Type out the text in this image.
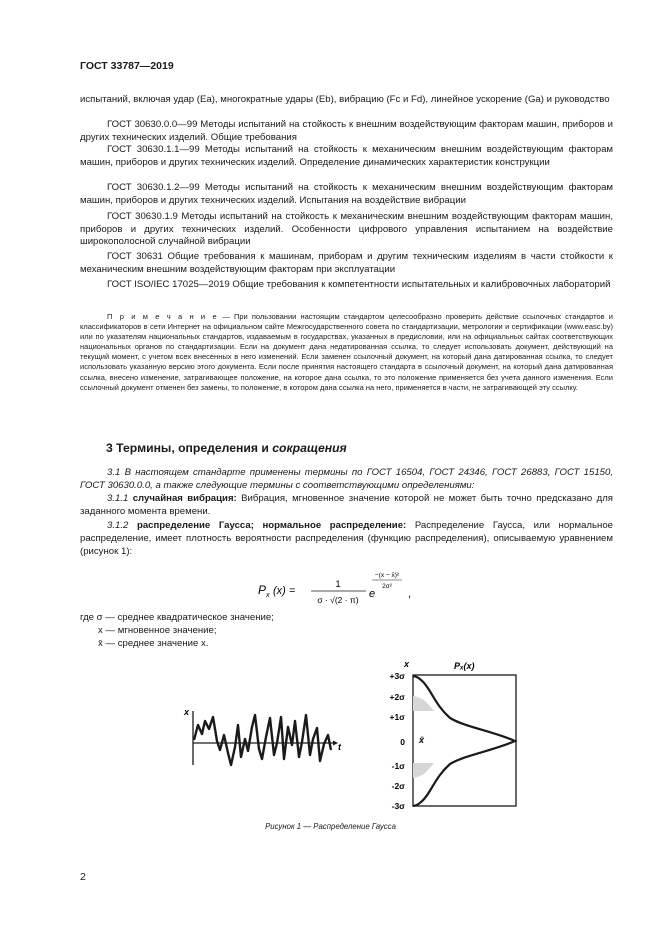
ГОСТ 33787—2019
испытаний, включая удар (Ea), многократные удары (Eb), вибрацию (Fc и Fd), линейное ускорение (Ga) и руководство
ГОСТ 30630.0.0—99 Методы испытаний на стойкость к внешним воздействующим факторам машин, приборов и других технических изделий. Общие требования
ГОСТ 30630.1.1—99 Методы испытаний на стойкость к механическим внешним воздействующим факторам машин, приборов и других технических изделий. Определение динамических характеристик конструкции
ГОСТ 30630.1.2—99 Методы испытаний на стойкость к механическим внешним воздействующим факторам машин, приборов и других технических изделий. Испытания на воздействие вибрации
ГОСТ 30630.1.9 Методы испытаний на стойкость к механическим внешним воздействующим факторам машин, приборов и других технических изделий. Особенности цифрового управления испытанием на воздействие широкополосной случайной вибрации
ГОСТ 30631 Общие требования к машинам, приборам и другим техническим изделиям в части стойкости к механическим внешним воздействующим факторам при эксплуатации
ГОСТ ISO/IEC 17025—2019 Общие требования к компетентности испытательных и калибровочных лабораторий
П р и м е ч а н и е — При пользовании настоящим стандартом целесообразно проверить действие ссылочных стандартов и классификаторов в сети Интернет на официальном сайте Межгосударственного совета по стандартизации, метрологии и сертификации (www.easc.by) или по указателям национальных стандартов, издаваемым в государствах, указанных в предисловии, или на официальных сайтах соответствующих национальных органов по стандартизации. Если на документ дана недатированная ссылка, то следует использовать документ, действующий на текущий момент, с учетом всех внесенных в него изменений. Если заменен ссылочный документ, на который дана датированная ссылка, то следует использовать указанную версию этого документа. Если после принятия настоящего стандарта в ссылочный документ, на который дана датированная ссылка, внесено изменение, затрагивающее положение, на которое дана ссылка, то это положение применяется без учета данного изменения. Если ссылочный документ отменен без замены, то положение, в котором дана ссылка на него, применяется в части, не затрагивающей эту ссылку.
3 Термины, определения и сокращения
3.1 В настоящем стандарте применены термины по ГОСТ 16504, ГОСТ 24346, ГОСТ 26883, ГОСТ 15150, ГОСТ 30630.0.0, а также следующие термины с соответствующими определениями:
3.1.1 случайная вибрация: Вибрация, мгновенное значение которой не может быть точно предсказано для заданного момента времени.
3.1.2 распределение Гаусса; нормальное распределение: Распределение Гаусса, или нормальное распределение, имеет плотность вероятности распределения (функцию распределения), описываемую уравнением (рисунок 1):
P x (x) =
1
σ · √(2 · π) e
−(x − x̄)²
2σ²
,
где σ — среднее квадратическое значение;
x — мгновенное значение;
x̄ — среднее значение x.
x
t
x	Pₓ(x)
+3σ
+2σ
+1σ
0
-1σ
-2σ
-3σ
x̄
Рисунок 1 — Распределение Гаусса
2
